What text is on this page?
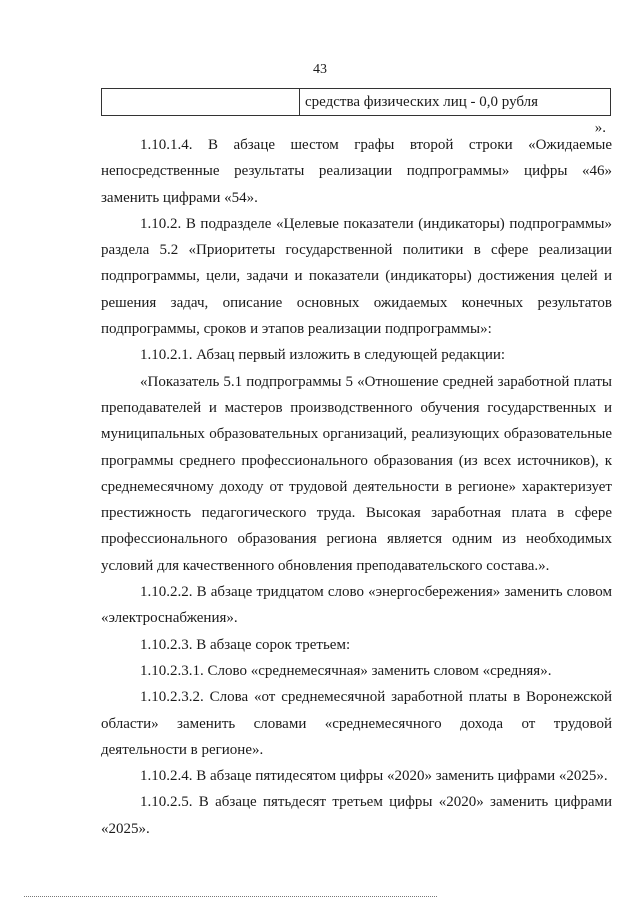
43
средства физических лиц - 0,0 рубля
».

1.10.1.4. В абзаце шестом графы второй строки «Ожидаемые непосредственные результаты реализации подпрограммы» цифры «46» заменить цифрами «54».

1.10.2. В подразделе «Целевые показатели (индикаторы) подпрограммы» раздела 5.2 «Приоритеты государственной политики в сфере реализации подпрограммы, цели, задачи и показатели (индикаторы) достижения целей и решения задач, описание основных ожидаемых конечных результатов подпрограммы, сроков и этапов реализации подпрограммы»:

1.10.2.1. Абзац первый изложить в следующей редакции:

«Показатель 5.1 подпрограммы 5 «Отношение средней заработной платы преподавателей и мастеров производственного обучения государственных и муниципальных образовательных организаций, реализующих образовательные программы среднего профессионального образования (из всех источников), к среднемесячному доходу от трудовой деятельности в регионе» характеризует престижность педагогического труда. Высокая заработная плата в сфере профессионального образования региона является одним из необходимых условий для качественного обновления преподавательского состава.».

1.10.2.2. В абзаце тридцатом слово «энергосбережения» заменить словом «электроснабжения».

1.10.2.3. В абзаце сорок третьем:

1.10.2.3.1. Слово «среднемесячная» заменить словом «средняя».

1.10.2.3.2. Слова «от среднемесячной заработной платы в Воронежской области» заменить словами «среднемесячного дохода от трудовой деятельности в регионе».

1.10.2.4. В абзаце пятидесятом цифры «2020» заменить цифрами «2025».

1.10.2.5. В абзаце пятьдесят третьем цифры «2020» заменить цифрами «2025».
